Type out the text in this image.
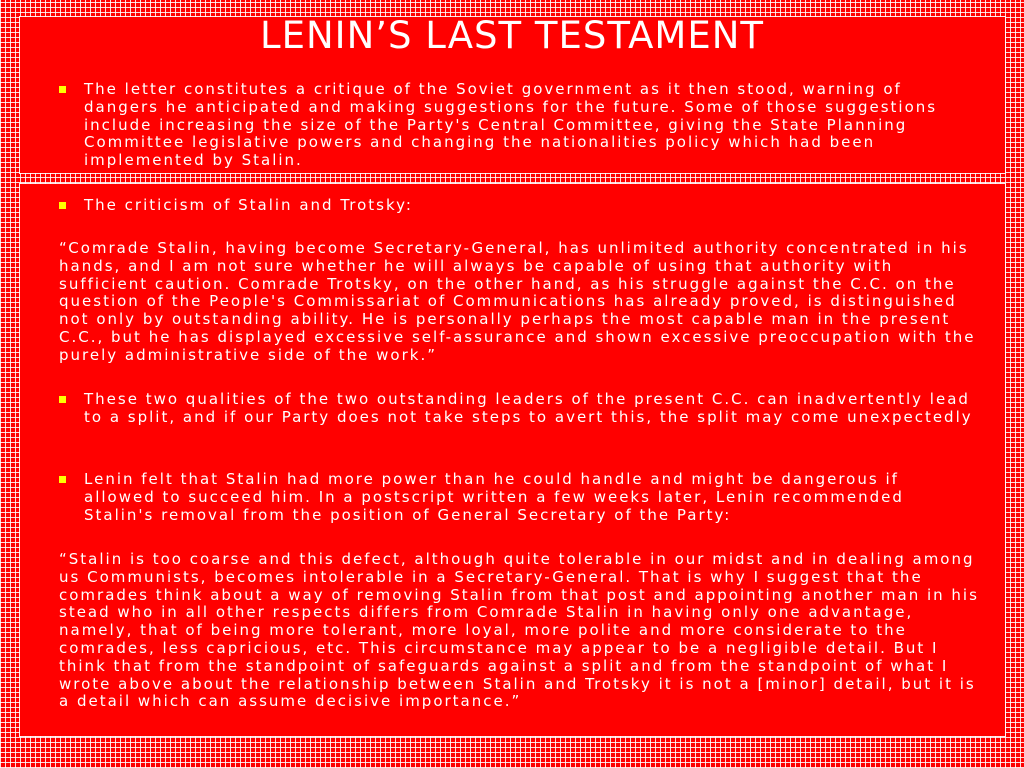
LENIN’S LAST TESTAMENT
The letter constitutes a critique of the Soviet government as it then stood, warning of dangers he anticipated and making suggestions for the future. Some of those suggestions include increasing the size of the Party's Central Committee, giving the State Planning Committee legislative powers and changing the nationalities policy which had been implemented by Stalin.
The criticism of Stalin and Trotsky:
“Comrade Stalin, having become Secretary-General, has unlimited authority concentrated in his hands, and I am not sure whether he will always be capable of using that authority with sufficient caution. Comrade Trotsky, on the other hand, as his struggle against the C.C. on the question of the People's Commissariat of Communications has already proved, is distinguished not only by outstanding ability. He is personally perhaps the most capable man in the present C.C., but he has displayed excessive self-assurance and shown excessive preoccupation with the purely administrative side of the work.”
These two qualities of the two outstanding leaders of the present C.C. can inadvertently lead to a split, and if our Party does not take steps to avert this, the split may come unexpectedly
Lenin felt that Stalin had more power than he could handle and might be dangerous if allowed to succeed him. In a postscript written a few weeks later, Lenin recommended Stalin's removal from the position of General Secretary of the Party:
“Stalin is too coarse and this defect, although quite tolerable in our midst and in dealing among us Communists, becomes intolerable in a Secretary-General. That is why I suggest that the comrades think about a way of removing Stalin from that post and appointing another man in his stead who in all other respects differs from Comrade Stalin in having only one advantage, namely, that of being more tolerant, more loyal, more polite and more considerate to the comrades, less capricious, etc. This circumstance may appear to be a negligible detail. But I think that from the standpoint of safeguards against a split and from the standpoint of what I wrote above about the relationship between Stalin and Trotsky it is not a [minor] detail, but it is a detail which can assume decisive importance.”
